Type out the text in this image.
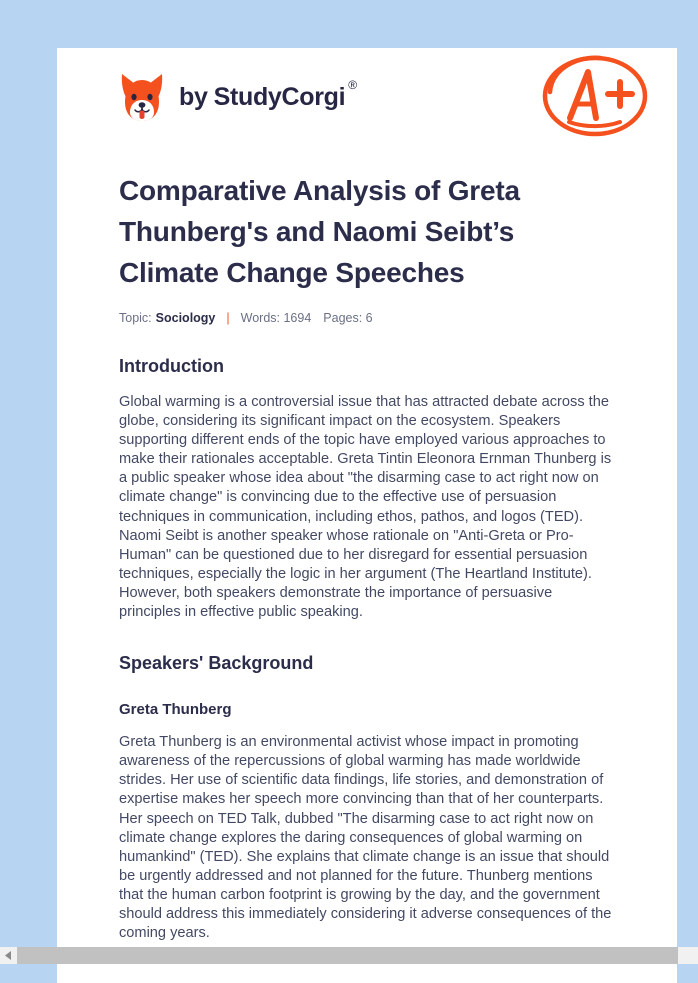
by StudyCorgi ®
Comparative Analysis of Greta Thunberg's and Naomi Seibt’s Climate Change Speeches
Topic: Sociology | Words: 1694 Pages: 6
Introduction

Global warming is a controversial issue that has attracted debate across the globe, considering its significant impact on the ecosystem. Speakers supporting different ends of the topic have employed various approaches to make their rationales acceptable. Greta Tintin Eleonora Ernman Thunberg is a public speaker whose idea about "the disarming case to act right now on climate change" is convincing due to the effective use of persuasion techniques in communication, including ethos, pathos, and logos (TED). Naomi Seibt is another speaker whose rationale on "Anti-Greta or Pro-Human" can be questioned due to her disregard for essential persuasion techniques, especially the logic in her argument (The Heartland Institute). However, both speakers demonstrate the importance of persuasive principles in effective public speaking.

Speakers' Background
Greta Thunberg

Greta Thunberg is an environmental activist whose impact in promoting awareness of the repercussions of global warming has made worldwide strides. Her use of scientific data findings, life stories, and demonstration of expertise makes her speech more convincing than that of her counterparts. Her speech on TED Talk, dubbed "The disarming case to act right now on climate change explores the daring consequences of global warming on humankind" (TED). She explains that climate change is an issue that should be urgently addressed and not planned for the future. Thunberg mentions that the human carbon footprint is growing by the day, and the government should address this immediately considering it adverse consequences of the coming years.
